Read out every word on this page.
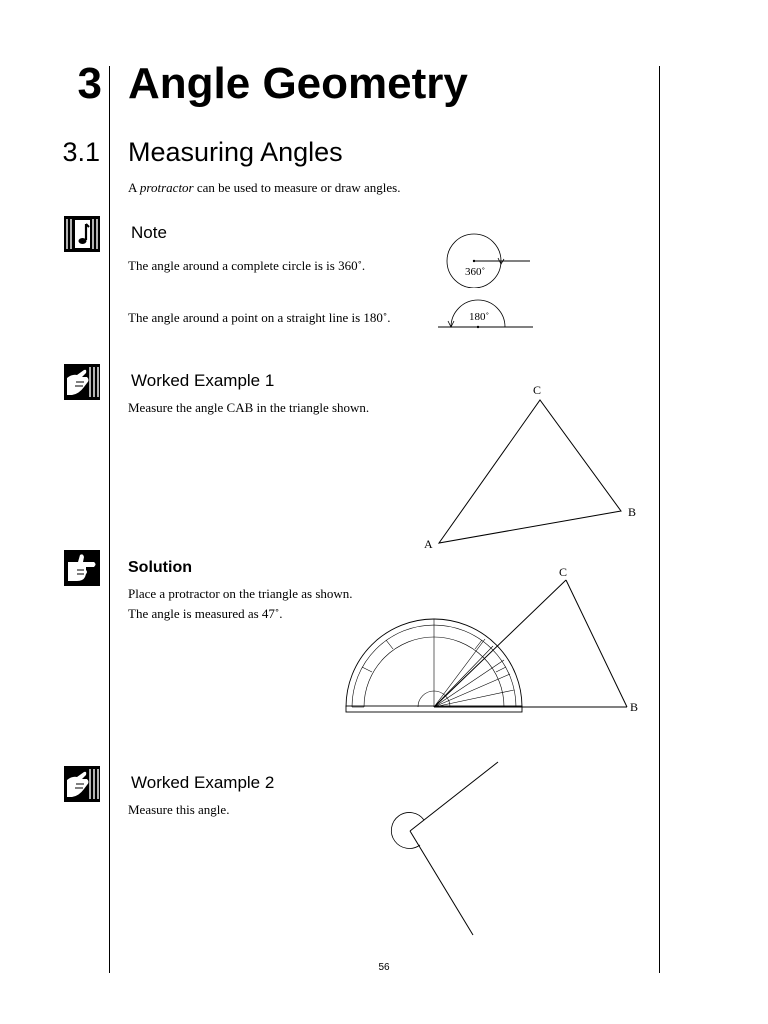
3 Angle Geometry
3.1 Measuring Angles
A protractor can be used to measure or draw angles.
Note
The angle around a complete circle is is 360˚.
The angle around a point on a straight line is 180˚.
360˚
180˚
Worked Example 1
Measure the angle CAB in the triangle shown.
A
B
C
Solution
Place a protractor on the triangle as shown.
The angle is measured as 47˚.
C
B
Worked Example 2
Measure this angle.
56
